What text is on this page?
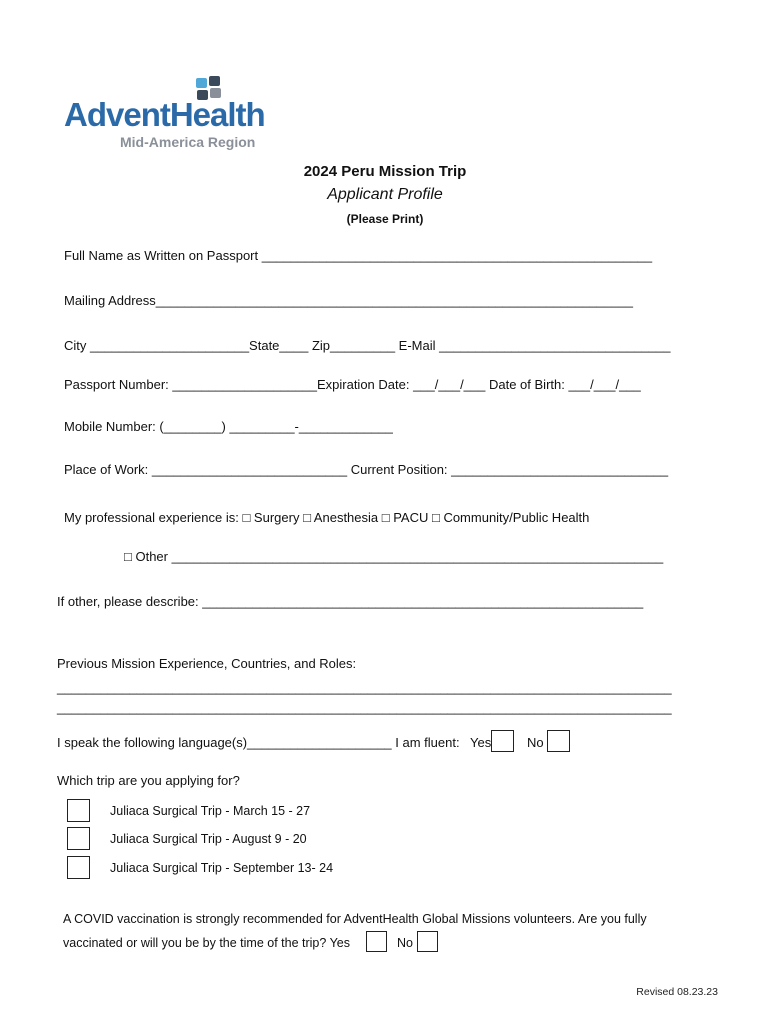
AdventHealth
Mid-America Region
2024 Peru Mission Trip
Applicant Profile
(Please Print)
Full Name as Written on Passport ______________________________________________________
Mailing Address__________________________________________________________________
City ______________________State____ Zip_________ E-Mail ________________________________
Passport Number: ____________________Expiration Date: ___/___/___ Date of Birth: ___/___/___
Mobile Number: (________) _________-_____________
Place of Work: ___________________________ Current Position: ______________________________
My professional experience is: □ Surgery □ Anesthesia □ PACU □ Community/Public Health
□ Other ____________________________________________________________________
If other, please describe: _____________________________________________________________
Previous Mission Experience, Countries, and Roles:
_____________________________________________________________________________________
_____________________________________________________________________________________
I speak the following language(s)____________________ I am fluent: Yes	No
Which trip are you applying for?
Juliaca Surgical Trip - March 15 - 27
Juliaca Surgical Trip - August 9 - 20
Juliaca Surgical Trip - September 13- 24
A COVID vaccination is strongly recommended for AdventHealth Global Missions volunteers. Are you fully
vaccinated or will you be by the time of the trip? Yes	No
Revised 08.23.23
